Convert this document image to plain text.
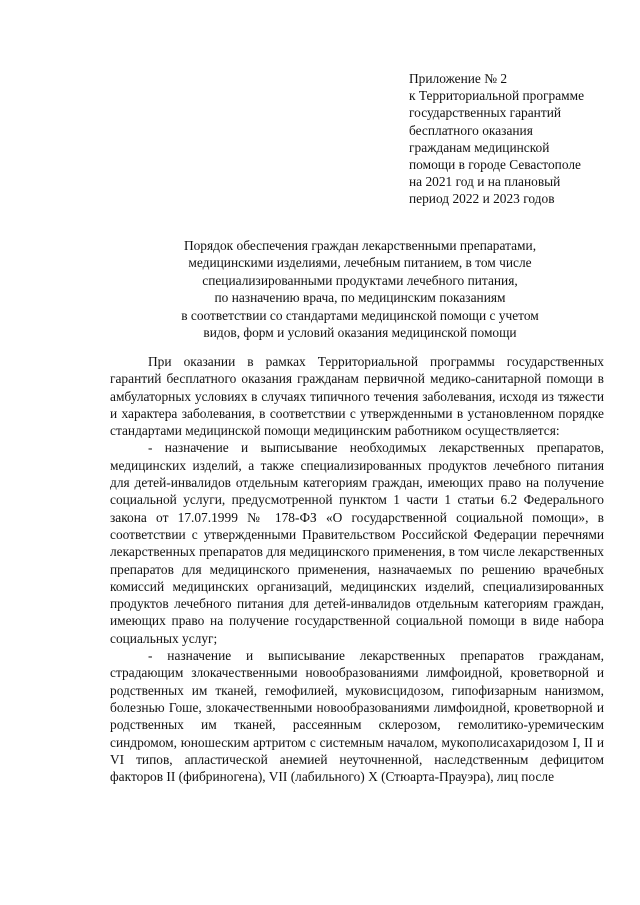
Приложение № 2
к Территориальной программе
государственных гарантий
бесплатного оказания
гражданам медицинской
помощи в городе Севастополе
на 2021 год и на плановый
период 2022 и 2023 годов
Порядок обеспечения граждан лекарственными препаратами,
медицинскими изделиями, лечебным питанием, в том числе
специализированными продуктами лечебного питания,
по назначению врача, по медицинским показаниям
в соответствии со стандартами медицинской помощи с учетом
видов, форм и условий оказания медицинской помощи

При оказании в рамках Территориальной программы государственных гарантий бесплатного оказания гражданам первичной медико-санитарной помощи в амбулаторных условиях в случаях типичного течения заболевания, исходя из тяжести и характера заболевания, в соответствии с утвержденными в установленном порядке стандартами медицинской помощи медицинским работником осуществляется:

- назначение и выписывание необходимых лекарственных препаратов, медицинских изделий, а также специализированных продуктов лечебного питания для детей-инвалидов отдельным категориям граждан, имеющих право на получение социальной услуги, предусмотренной пунктом 1 части 1 статьи 6.2 Федерального закона от 17.07.1999 № 178-ФЗ «О государственной социальной помощи», в соответствии с утвержденными Правительством Российской Федерации перечнями лекарственных препаратов для медицинского применения, в том числе лекарственных препаратов для медицинского применения, назначаемых по решению врачебных комиссий медицинских организаций, медицинских изделий, специализированных продуктов лечебного питания для детей-инвалидов отдельным категориям граждан, имеющих право на получение государственной социальной помощи в виде набора социальных услуг;

- назначение и выписывание лекарственных препаратов гражданам, страдающим злокачественными новообразованиями лимфоидной, кроветворной и родственных им тканей, гемофилией, муковисцидозом, гипофизарным нанизмом, болезнью Гоше, злокачественными новообразованиями лимфоидной, кроветворной и родственных им тканей, рассеянным склерозом, гемолитико-уремическим синдромом, юношеским артритом с системным началом, мукополисахаридозом I, II и VI типов, апластической анемией неуточненной, наследственным дефицитом факторов II (фибриногена), VII (лабильного) X (Стюарта-Прауэра), лиц после
